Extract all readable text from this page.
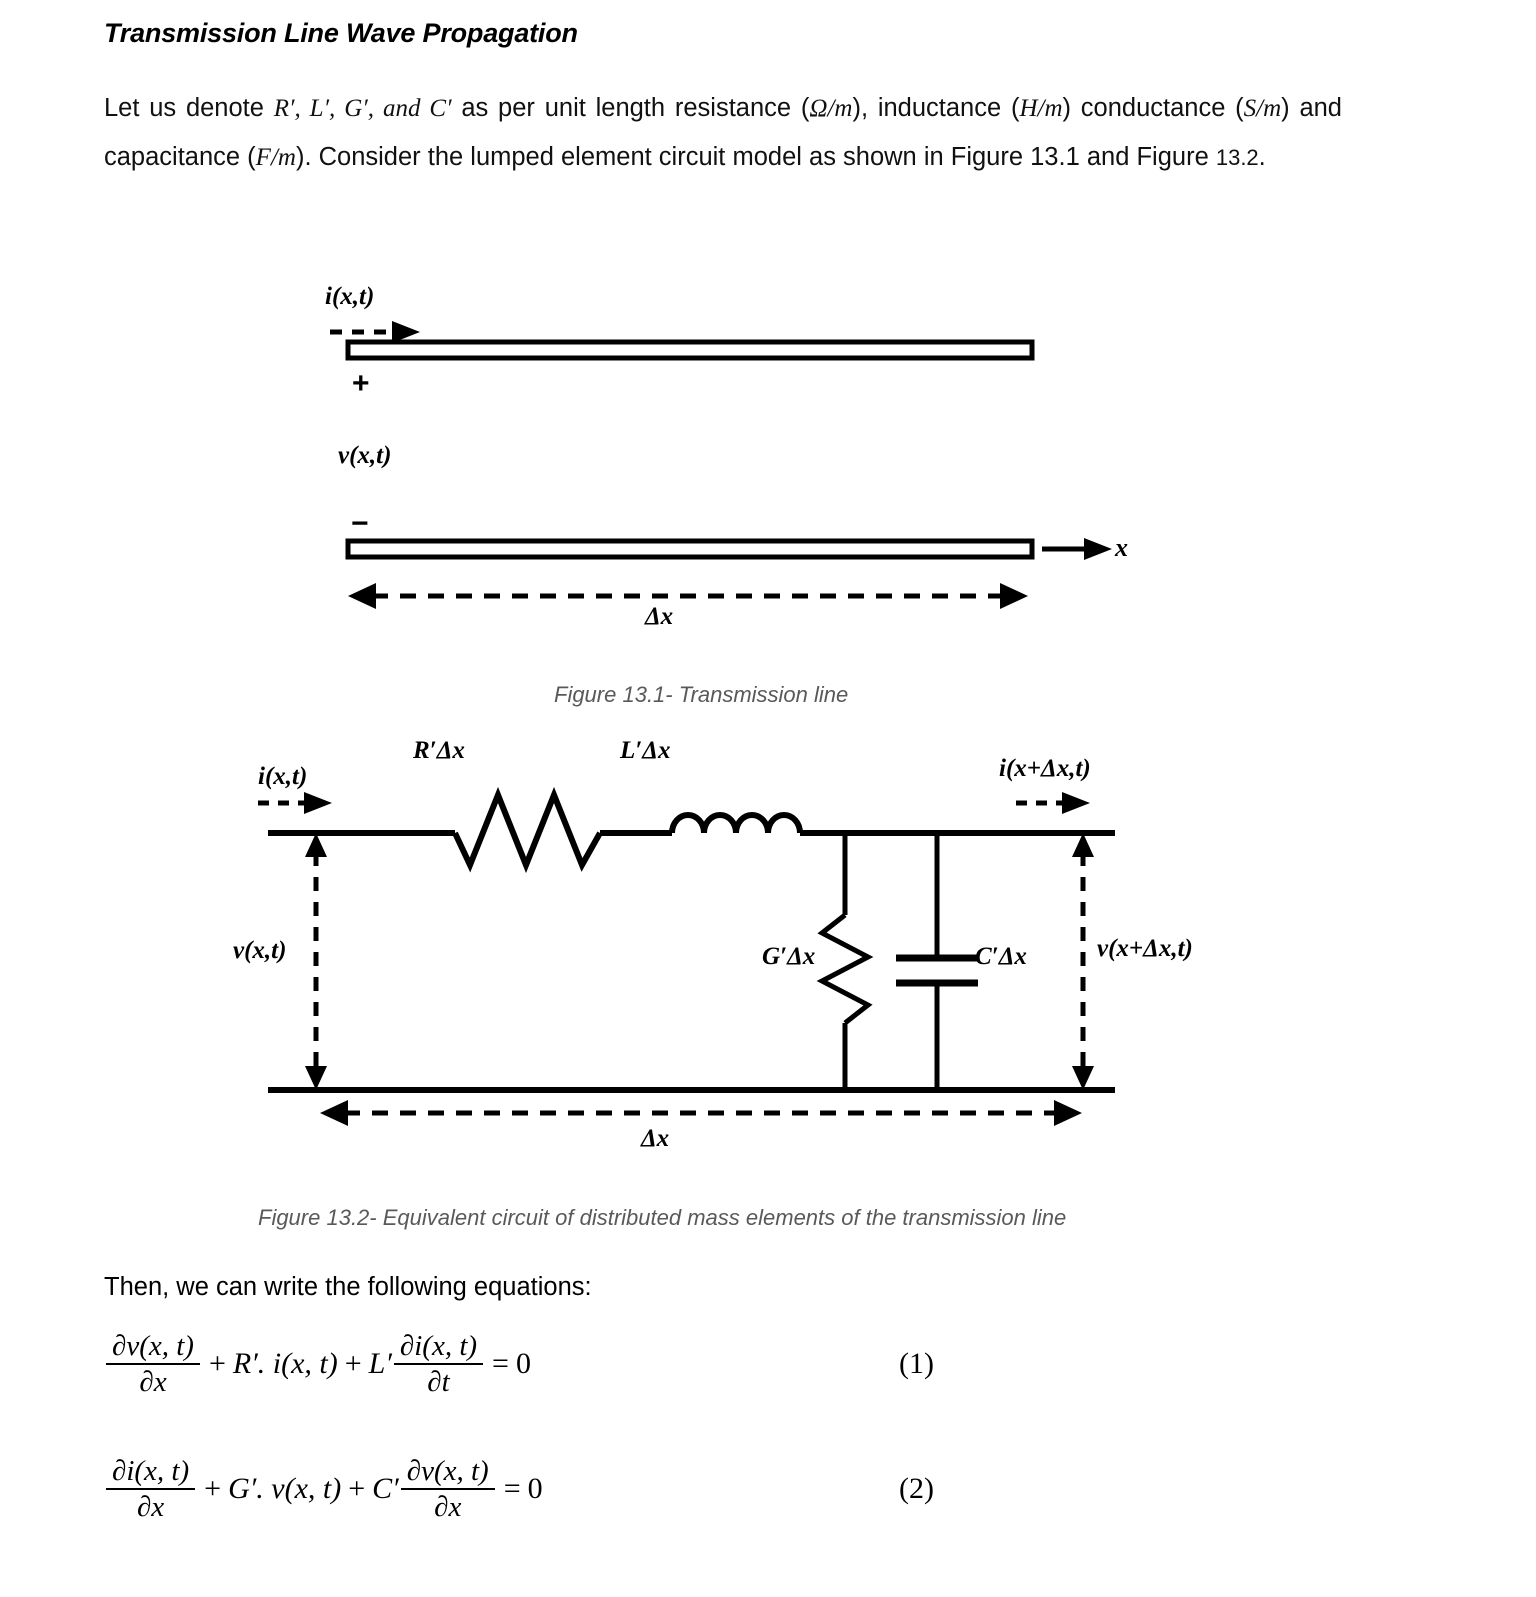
Transmission Line Wave Propagation
Let us denote R′, L′, G′, and C′ as per unit length resistance (Ω/m), inductance (H/m) conductance (S/m) and capacitance (F/m). Consider the lumped element circuit model as shown in Figure 13.1 and Figure 13.2.
i(x,t)
+
v(x,t)
−
x
Δx
Figure 13.1- Transmission line
i(x,t)
R′Δx	L′Δx
i(x+Δx,t)
v(x,t)	G′Δx	C′Δx	v(x+Δx,t)
Δx
Figure 13.2- Equivalent circuit of distributed mass elements of the transmission line
Then, we can write the following equations:
$\frac{\partial v(x, t)}{\partial x} + R'$. i(x, $t) + L' \frac{\partial i(x, t)}{\partial t} = 0$	(1)
$\frac{\partial i(x, t)}{\partial x} + G'$. v(x, $t) + C' \frac{\partial v(x, t)}{\partial x} = 0$	(2)
